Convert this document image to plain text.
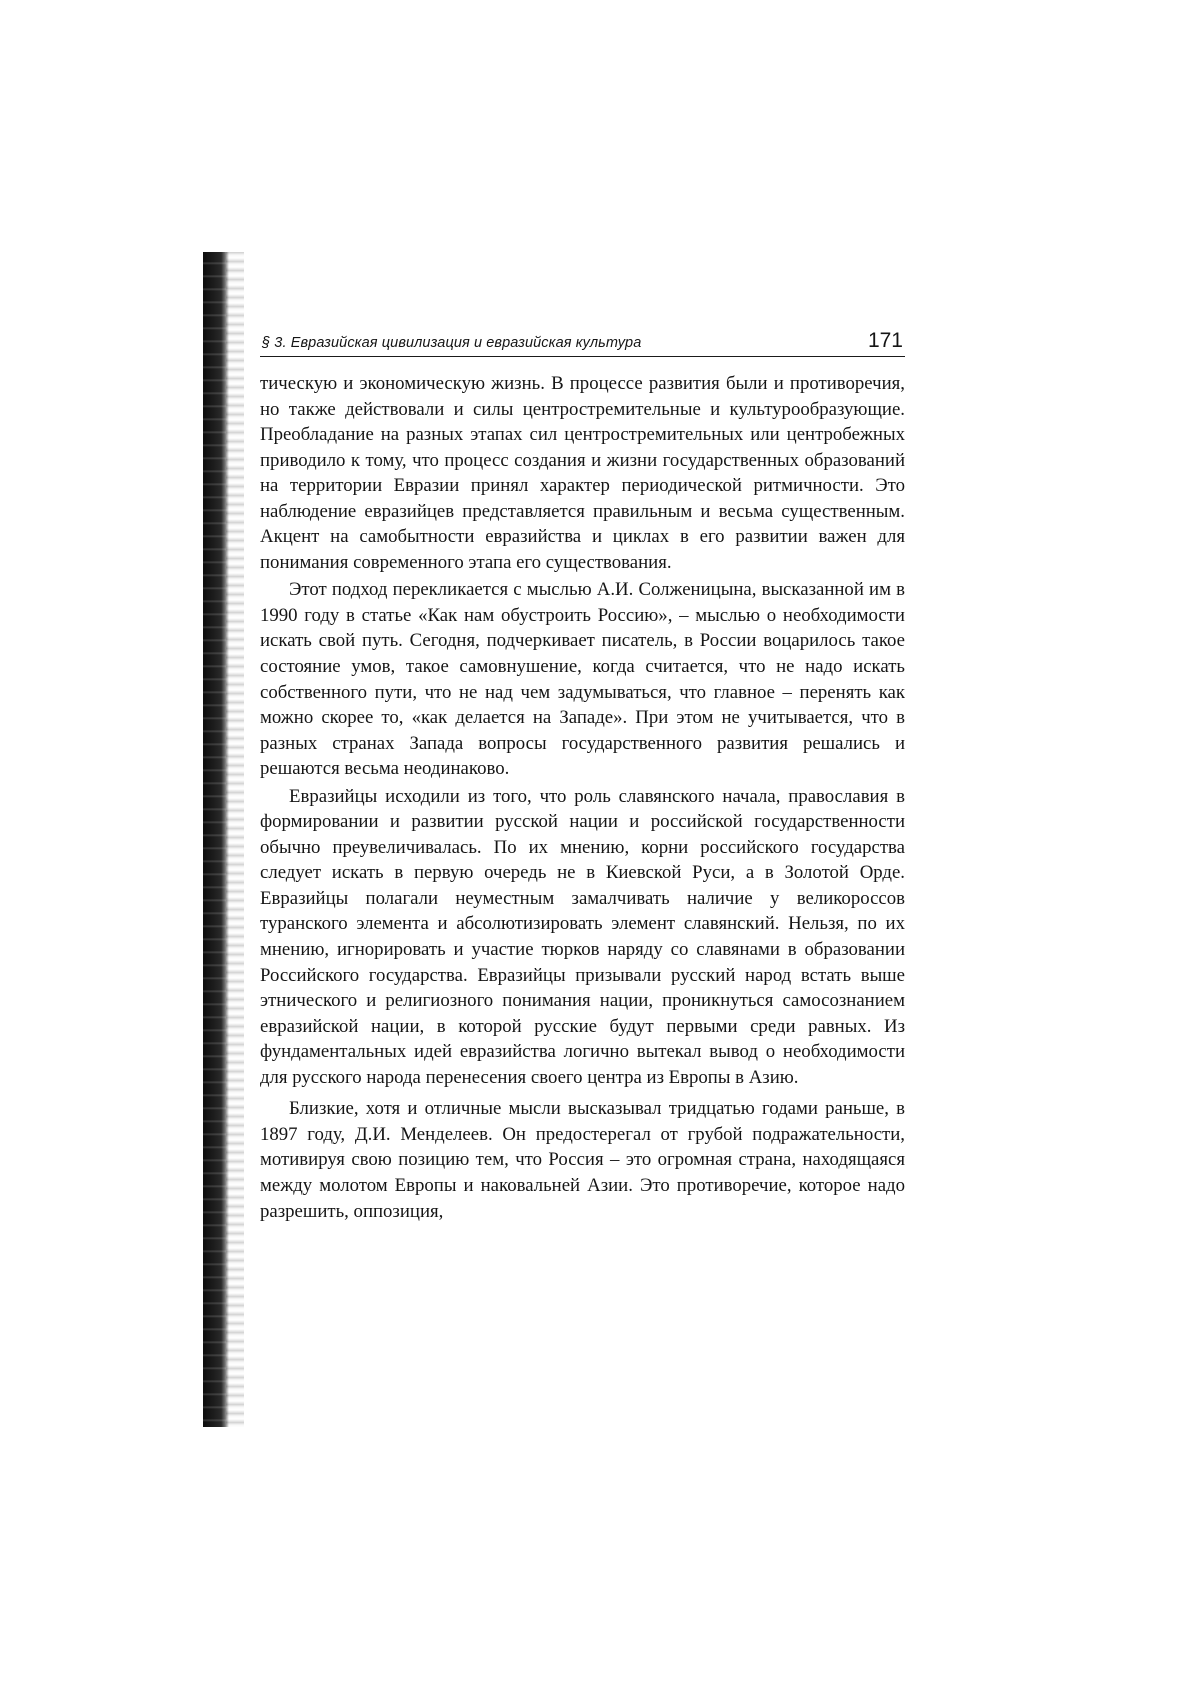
§ 3. Евразийская цивилизация и евразийская культура	171

тическую и экономическую жизнь. В процессе развития были и противоречия, но также действовали и силы центростремительные и культурообразующие. Преобладание на разных этапах сил центростремительных или центробежных приводило к тому, что процесс создания и жизни государственных образований на территории Евразии принял характер периодической ритмичности. Это наблюдение евразийцев представляется правильным и весьма существенным. Акцент на самобытности евразийства и циклах в его развитии важен для понимания современного этапа его существования.

Этот подход перекликается с мыслью А.И. Солженицына, высказанной им в 1990 году в статье «Как нам обустроить Россию», – мыслью о необходимости искать свой путь. Сегодня, подчеркивает писатель, в России воцарилось такое состояние умов, такое самовнушение, когда считается, что не надо искать собственного пути, что не над чем задумываться, что главное – перенять как можно скорее то, «как делается на Западе». При этом не учитывается, что в разных странах Запада вопросы государственного развития решались и решаются весьма неодинаково.

Евразийцы исходили из того, что роль славянского начала, православия в формировании и развитии русской нации и российской государственности обычно преувеличивалась. По их мнению, корни российского государства следует искать в первую очередь не в Киевской Руси, а в Золотой Орде. Евразийцы полагали неуместным замалчивать наличие у великороссов туранского элемента и абсолютизировать элемент славянский. Нельзя, по их мнению, игнорировать и участие тюрков наряду со славянами в образовании Российского государства. Евразийцы призывали русский народ встать выше этнического и религиозного понимания нации, проникнуться самосознанием евразийской нации, в которой русские будут первыми среди равных. Из фундаментальных идей евразийства логично вытекал вывод о необходимости для русского народа перенесения своего центра из Европы в Азию.

Близкие, хотя и отличные мысли высказывал тридцатью годами раньше, в 1897 году, Д.И. Менделеев. Он предостерегал от грубой подражательности, мотивируя свою позицию тем, что Россия – это огромная страна, находящаяся между молотом Европы и наковальней Азии. Это противоречие, которое надо разрешить, оппозиция,
